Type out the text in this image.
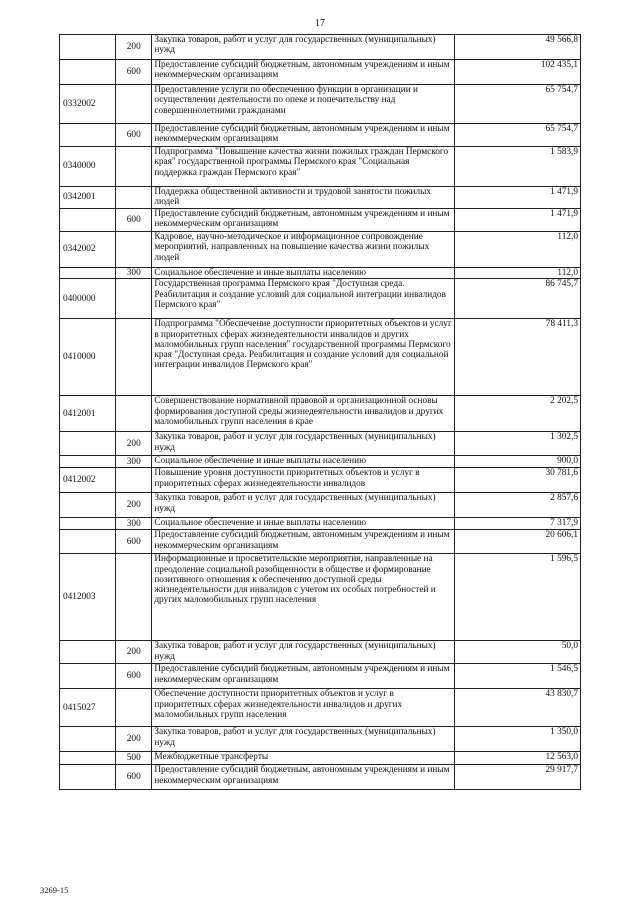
17
	200	Закупка товаров, работ и услуг для государственных (муниципальных) нужд	49 566,8
	600	Предоставление субсидий бюджетным, автономным учреждениям и иным некоммерческим организациям	102 435,1
0332002		Предоставление услуги по обеспечению функции в организации и осуществлении деятельности по опеке и попечительству над совершеннолетними гражданами	65 754,7
	600	Предоставление субсидий бюджетным, автономным учреждениям и иным некоммерческим организациям	65 754,7
0340000		Подпрограмма "Повышение качества жизни пожилых граждан Пермского края" государственной программы Пермского края "Социальная поддержка граждан Пермского края"	1 583,9
0342001		Поддержка общественной активности и трудовой занятости пожилых людей	1 471,9
	600	Предоставление субсидий бюджетным, автономным учреждениям и иным некоммерческим организациям	1 471,9
0342002		Кадровое, научно-методическое и информационное сопровождение мероприятий, направленных на повышение качества жизни пожилых людей	112,0
	300	Социальное обеспечение и иные выплаты населению	112,0
0400000		Государственная программа Пермского края "Доступная среда. Реабилитация и создание условий для социальной интеграции инвалидов Пермского края"	86 745,7
0410000		Подпрограмма "Обеспечение доступности приоритетных объектов и услуг в приоритетных сферах жизнедеятельности инвалидов и других маломобильных групп населения" государственной программы Пермского края "Доступная среда. Реабилитация и создание условий для социальной интеграции инвалидов Пермского края"	78 411,3
0412001		Совершенствование нормативной правовой и организационной основы формирования доступной среды жизнедеятельности инвалидов и других маломобильных групп населения в крае	2 202,5
	200	Закупка товаров, работ и услуг для государственных (муниципальных) нужд	1 302,5
	300	Социальное обеспечение и иные выплаты населению	900,0
0412002		Повышение уровня доступности приоритетных объектов и услуг в приоритетных сферах жизнедеятельности инвалидов	30 781,6
	200	Закупка товаров, работ и услуг для государственных (муниципальных) нужд	2 857,6
	300	Социальное обеспечение и иные выплаты населению	7 317,9
	600	Предоставление субсидий бюджетным, автономным учреждениям и иным некоммерческим организациям	20 606,1
0412003		Информационные и просветительские мероприятия, направленные на преодоление социальной разобщенности в обществе и формирование позитивного отношения к обеспечению доступной среды жизнедеятельности для инвалидов с учетом их особых потребностей и других маломобильных групп населения	1 596,5
	200	Закупка товаров, работ и услуг для государственных (муниципальных) нужд	50,0
	600	Предоставление субсидий бюджетным, автономным учреждениям и иным некоммерческим организациям	1 546,5
0415027		Обеспечение доступности приоритетных объектов и услуг в приоритетных сферах жизнедеятельности инвалидов и других маломобильных групп населения	43 830,7
	200	Закупка товаров, работ и услуг для государственных (муниципальных) нужд	1 350,0
	500	Межбюджетные трансферты	12 563,0
	600	Предоставление субсидий бюджетным, автономным учреждениям и иным некоммерческим организациям	29 917,7
3269-15
